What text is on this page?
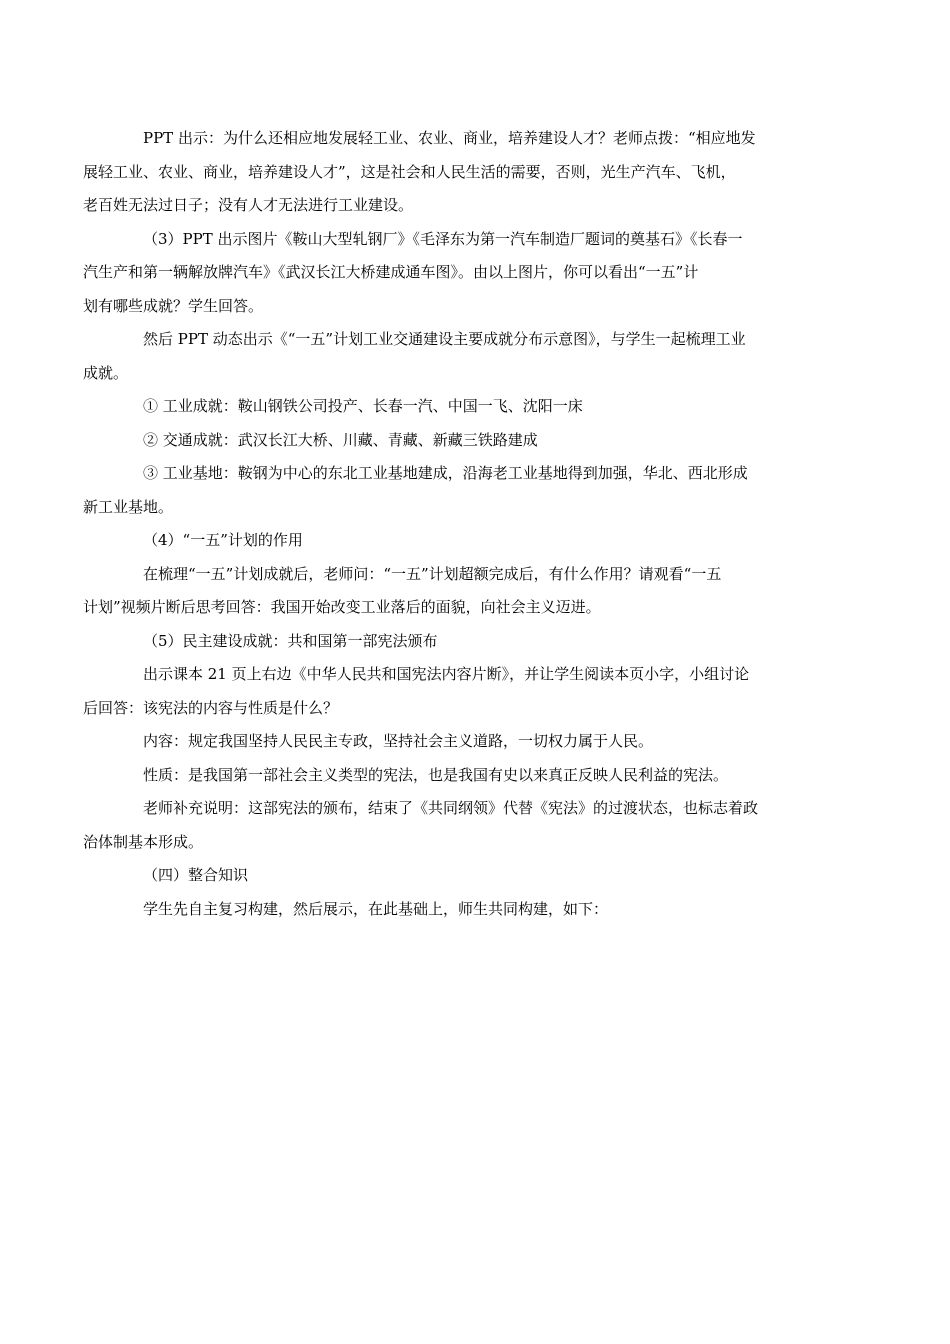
PPT 出示：为什么还相应地发展轻工业、农业、商业，培养建设人才？老师点拨：“相应地发
展轻工业、农业、商业，培养建设人才”，这是社会和人民生活的需要，否则，光生产汽车、飞机，
老百姓无法过日子；没有人才无法进行工业建设。

（3）PPT 出示图片《鞍山大型轧钢厂》《毛泽东为第一汽车制造厂题词的奠基石》《长春一
汽生产和第一辆解放牌汽车》《武汉长江大桥建成通车图》。由以上图片，你可以看出“一五”计
划有哪些成就？学生回答。

然后 PPT 动态出示《“一五”计划工业交通建设主要成就分布示意图》，与学生一起梳理工业
成就。

① 工业成就：鞍山钢铁公司投产、长春一汽、中国一飞、沈阳一床

② 交通成就：武汉长江大桥、川藏、青藏、新藏三铁路建成

③ 工业基地：鞍钢为中心的东北工业基地建成，沿海老工业基地得到加强，华北、西北形成
新工业基地。

（4）“一五”计划的作用

在梳理“一五”计划成就后，老师问：“一五”计划超额完成后，有什么作用？请观看“一五
计划”视频片断后思考回答：我国开始改变工业落后的面貌，向社会主义迈进。

（5）民主建设成就：共和国第一部宪法颁布

出示课本 21 页上右边《中华人民共和国宪法内容片断》，并让学生阅读本页小字，小组讨论
后回答：该宪法的内容与性质是什么？

内容：规定我国坚持人民民主专政，坚持社会主义道路，一切权力属于人民。

性质：是我国第一部社会主义类型的宪法，也是我国有史以来真正反映人民利益的宪法。

老师补充说明：这部宪法的颁布，结束了《共同纲领》代替《宪法》的过渡状态，也标志着政
治体制基本形成。

（四）整合知识

学生先自主复习构建，然后展示，在此基础上，师生共同构建，如下：
